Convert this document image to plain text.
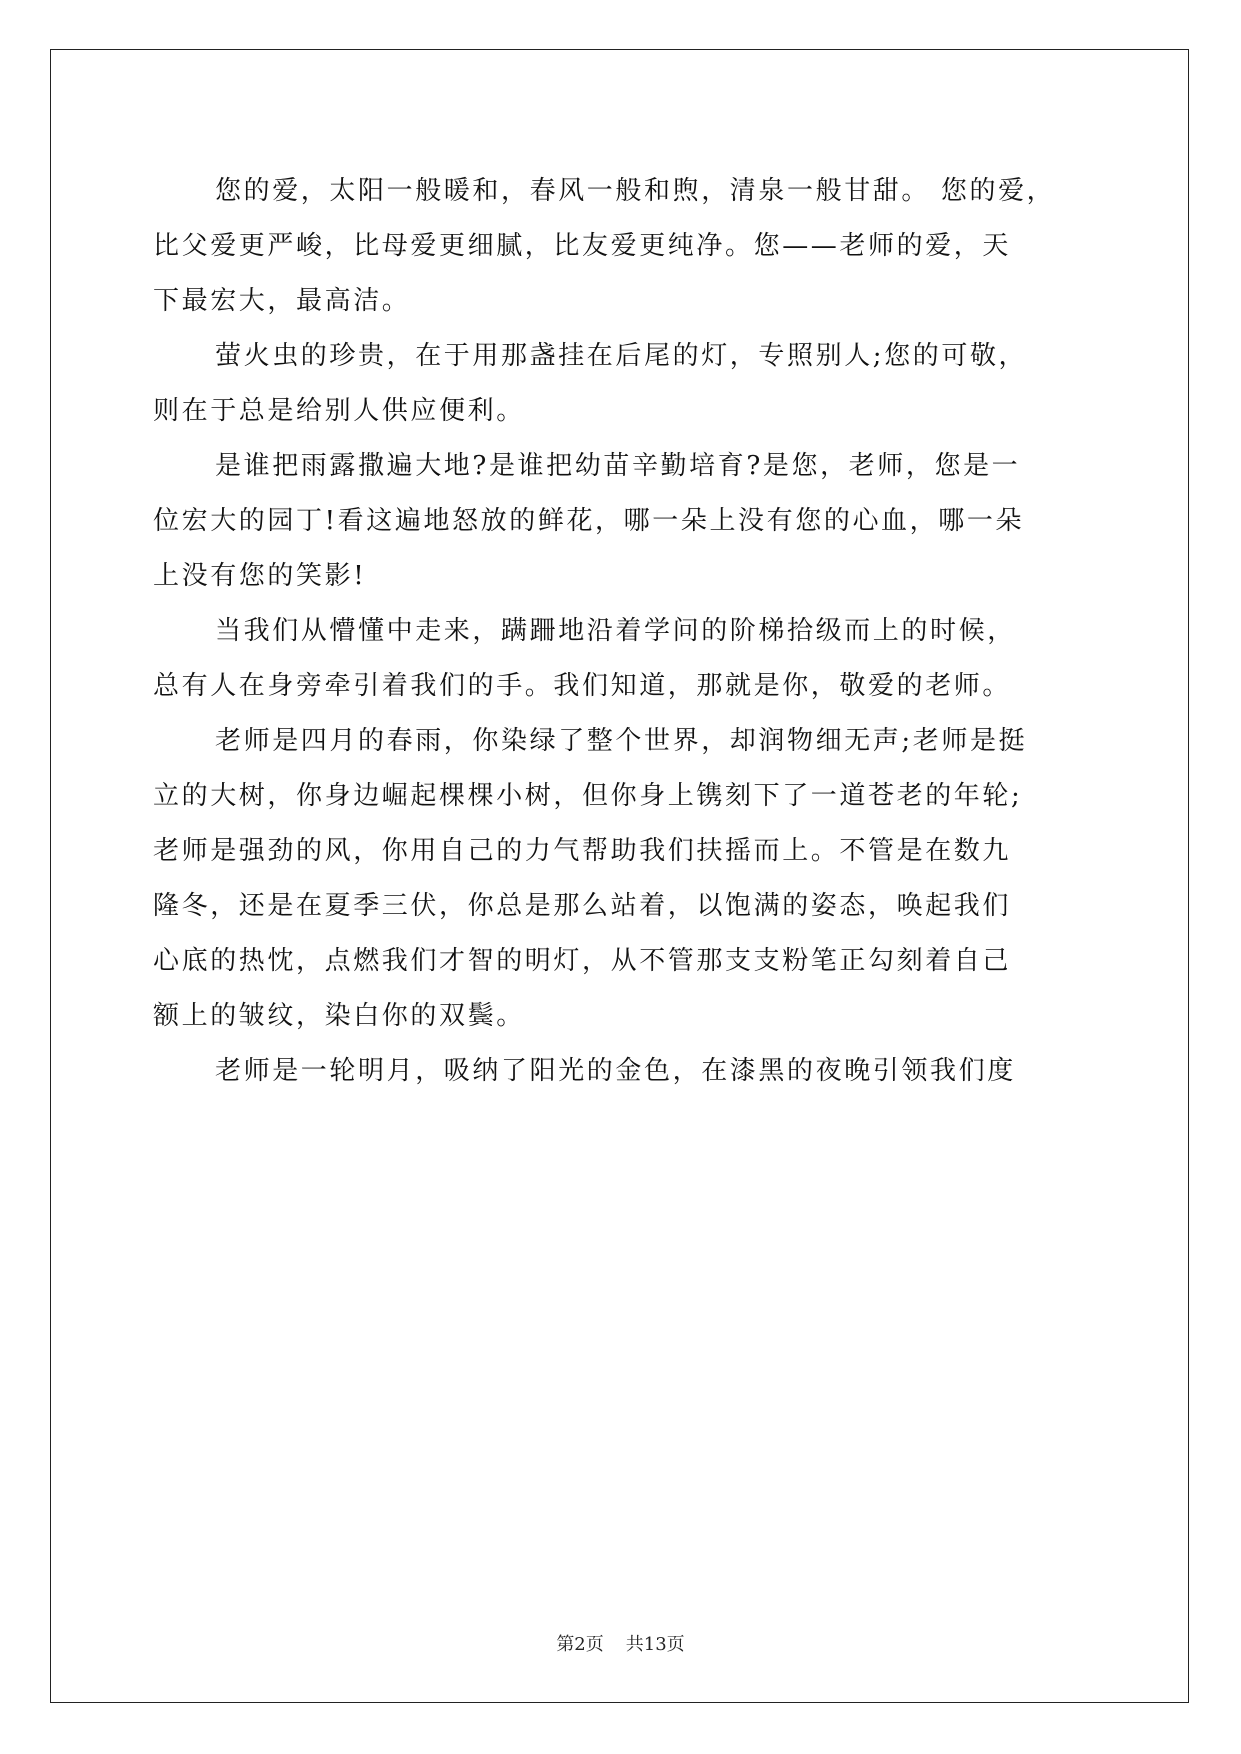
您的爱，太阳一般暖和，春风一般和煦，清泉一般甘甜。 您的爱，
比父爱更严峻，比母爱更细腻，比友爱更纯净。您——老师的爱，天
下最宏大，最高洁。

萤火虫的珍贵，在于用那盏挂在后尾的灯，专照别人;您的可敬，
则在于总是给别人供应便利。

是谁把雨露撒遍大地?是谁把幼苗辛勤培育?是您，老师，您是一
位宏大的园丁!看这遍地怒放的鲜花，哪一朵上没有您的心血，哪一朵
上没有您的笑影!

当我们从懵懂中走来，蹒跚地沿着学问的阶梯拾级而上的时候，
总有人在身旁牵引着我们的手。我们知道，那就是你，敬爱的老师。

老师是四月的春雨，你染绿了整个世界，却润物细无声;老师是挺
立的大树，你身边崛起棵棵小树，但你身上镌刻下了一道苍老的年轮;
老师是强劲的风，你用自己的力气帮助我们扶摇而上。不管是在数九
隆冬，还是在夏季三伏，你总是那么站着，以饱满的姿态，唤起我们
心底的热忱，点燃我们才智的明灯，从不管那支支粉笔正勾刻着自己
额上的皱纹，染白你的双鬓。

老师是一轮明月，吸纳了阳光的金色，在漆黑的夜晚引领我们度

第2页 共13页
